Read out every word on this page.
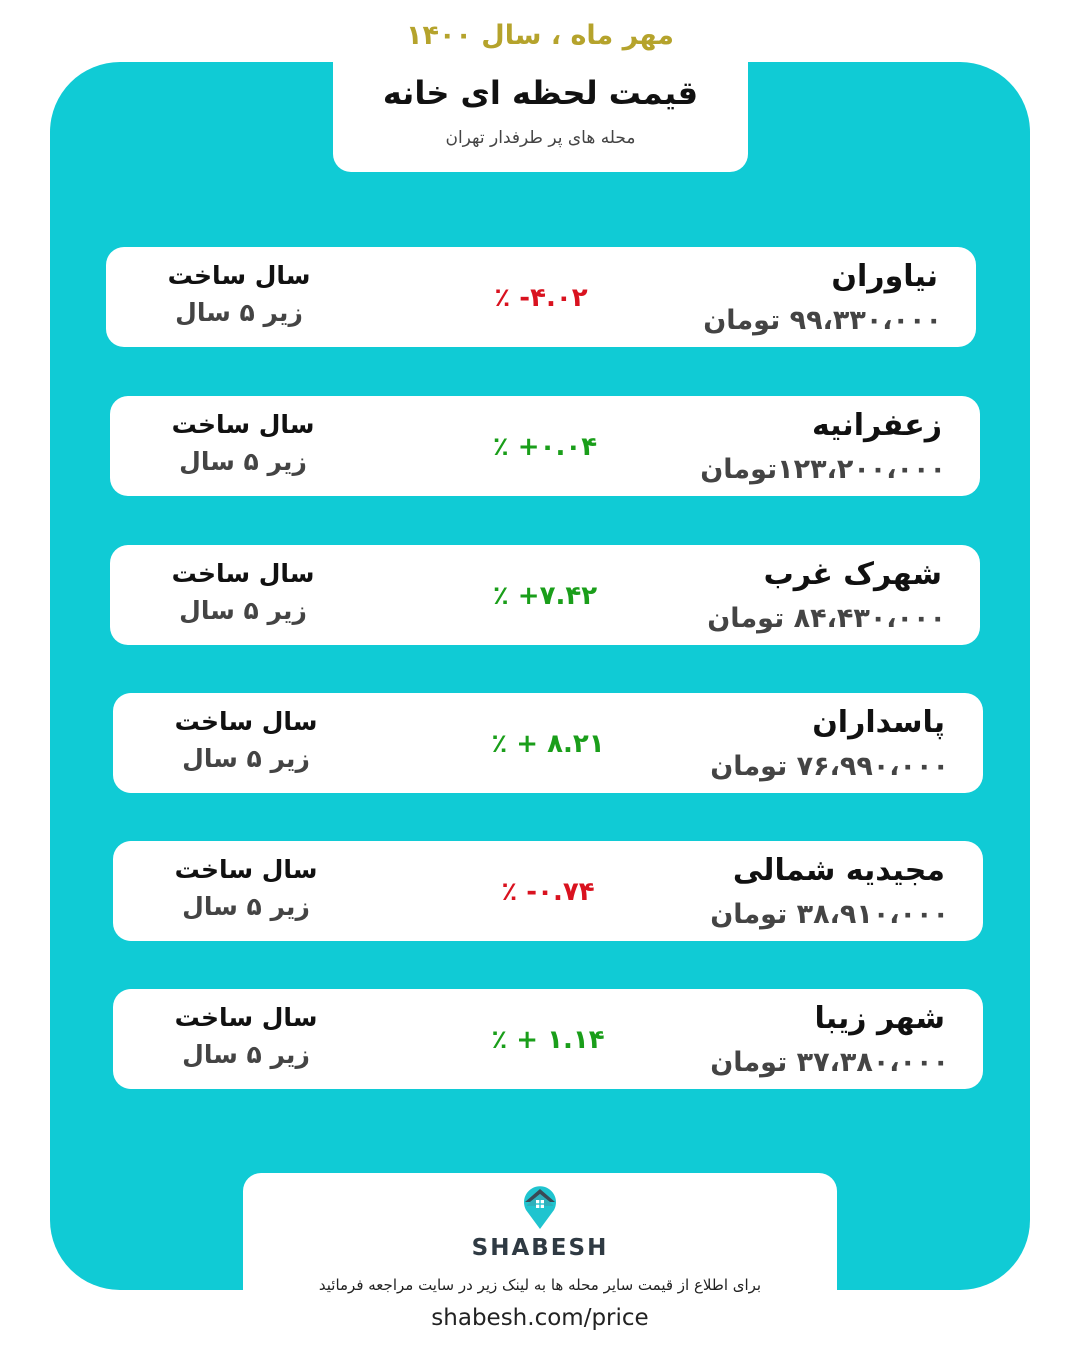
مهر ماه ، سال ۱۴۰۰
قیمت لحظه ای خانه
محله های پر طرفدار تهران
نیاوران
۹۹،۳۳۰،۰۰۰ تومان
٪ -۴.۰۲
سال ساخت
زیر ۵ سال
زعفرانیه
۱۲۳،۲۰۰،۰۰۰تومان
٪ +۰.۰۴
سال ساخت
زیر ۵ سال
شهرک غرب
۸۴،۴۳۰،۰۰۰ تومان
٪ +۷.۴۲
سال ساخت
زیر ۵ سال
پاسداران
۷۶،۹۹۰،۰۰۰ تومان
٪ + ۸.۲۱
سال ساخت
زیر ۵ سال
مجیدیه شمالی
۳۸،۹۱۰،۰۰۰ تومان
٪ -۰.۷۴
سال ساخت
زیر ۵ سال
شهر زیبا
۳۷،۳۸۰،۰۰۰ تومان
٪ + ۱.۱۴
سال ساخت
زیر ۵ سال
SHABESH
برای اطلاع از قیمت سایر محله ها به لینک زیر در سایت مراجعه فرمائید
shabesh.com/price
